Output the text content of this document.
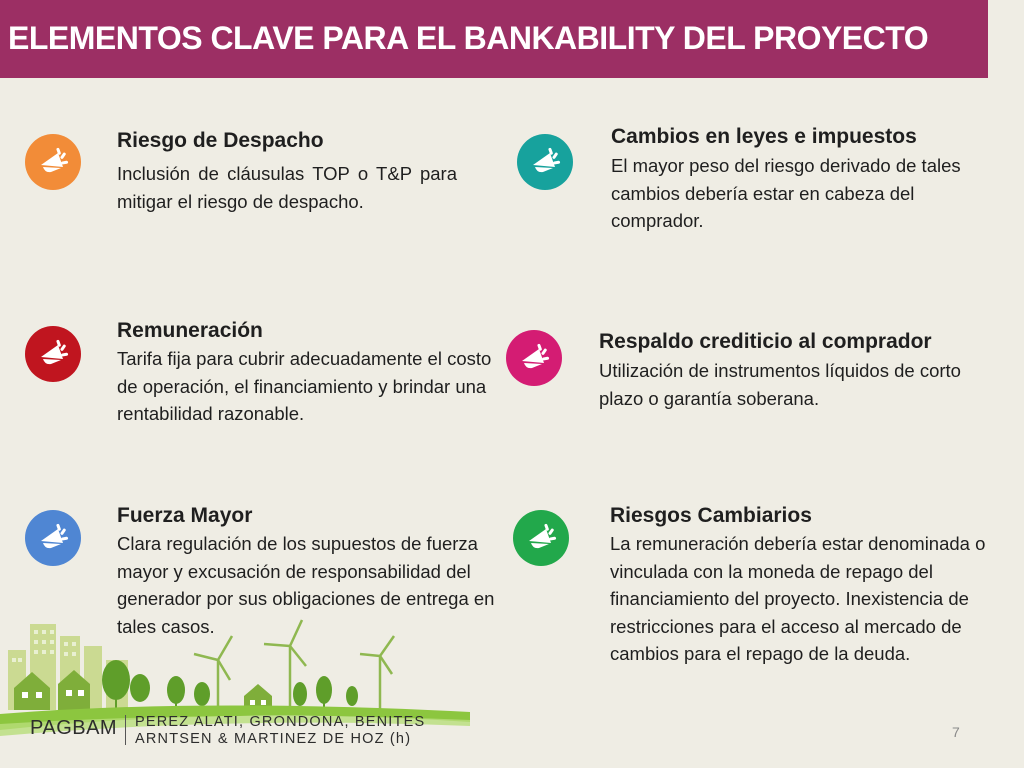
ELEMENTOS CLAVE PARA EL BANKABILITY DEL PROYECTO
Riesgo de Despacho
Inclusión de cláusulas TOP o T&P para mitigar el riesgo de despacho.
Cambios en leyes e impuestos
El mayor peso del riesgo derivado de tales cambios debería estar en cabeza del comprador.
Remuneración
Tarifa fija para cubrir adecuadamente el costo de operación, el financiamiento y brindar una rentabilidad razonable.
Respaldo crediticio al comprador
Utilización de instrumentos líquidos de corto plazo o garantía soberana.
Fuerza Mayor
Clara regulación de los supuestos de fuerza mayor y excusación de responsabilidad del generador por sus obligaciones de entrega en tales casos.
Riesgos Cambiarios
La remuneración debería estar denominada o vinculada con la moneda de repago del financiamiento del proyecto. Inexistencia de restricciones para el acceso al mercado de cambios para el repago de la deuda.
PAGBAM PEREZ ALATI, GRONDONA, BENITES
ARNTSEN & MARTINEZ DE HOZ (h)	7
